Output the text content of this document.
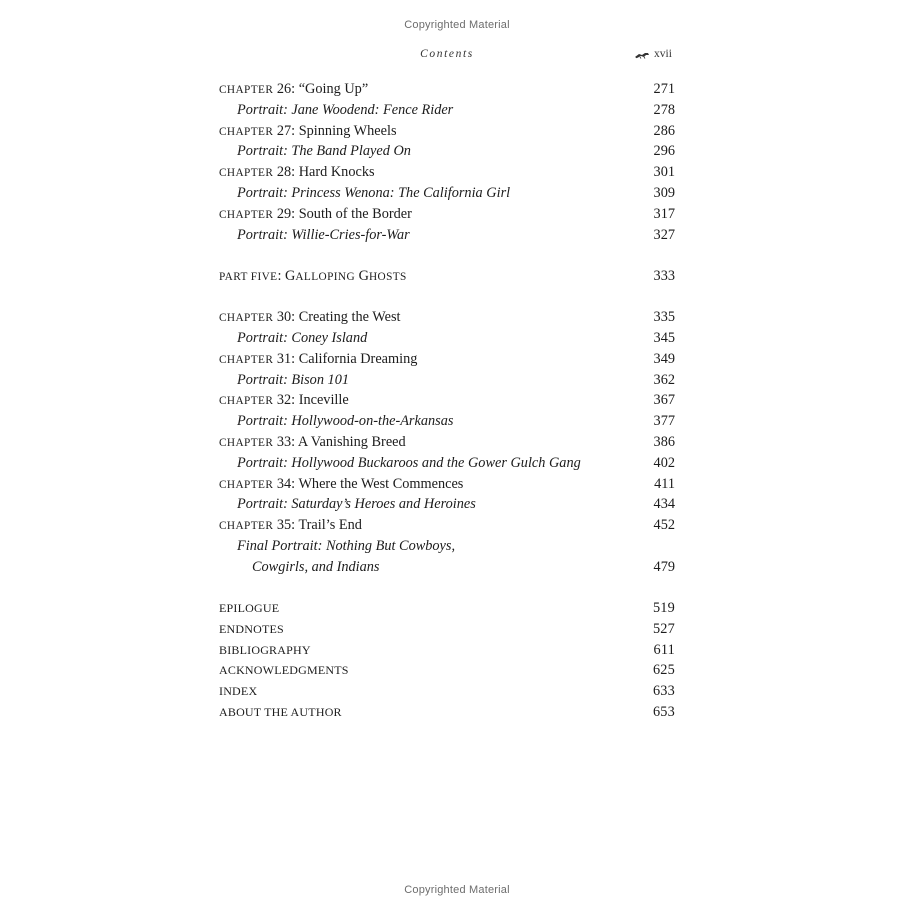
Copyrighted Material
Contents	xvii
CHAPTER 26: “Going Up”	271
Portrait: Jane Woodend: Fence Rider	278
CHAPTER 27: Spinning Wheels	286
Portrait: The Band Played On	296
CHAPTER 28: Hard Knocks	301
Portrait: Princess Wenona: The California Girl	309
CHAPTER 29: South of the Border	317
Portrait: Willie-Cries-for-War	327
PART FIVE: GALLOPING GHOSTS	333
CHAPTER 30: Creating the West	335
Portrait: Coney Island	345
CHAPTER 31: California Dreaming	349
Portrait: Bison 101	362
CHAPTER 32: Inceville	367
Portrait: Hollywood-on-the-Arkansas	377
CHAPTER 33: A Vanishing Breed	386
Portrait: Hollywood Buckaroos and the Gower Gulch Gang	402
CHAPTER 34: Where the West Commences	411
Portrait: Saturday’s Heroes and Heroines	434
CHAPTER 35: Trail’s End	452
Final Portrait: Nothing But Cowboys,
Cowgirls, and Indians	479
EPILOGUE	519
ENDNOTES	527
BIBLIOGRAPHY	611
ACKNOWLEDGMENTS	625
INDEX	633
ABOUT THE AUTHOR	653
Copyrighted Material
